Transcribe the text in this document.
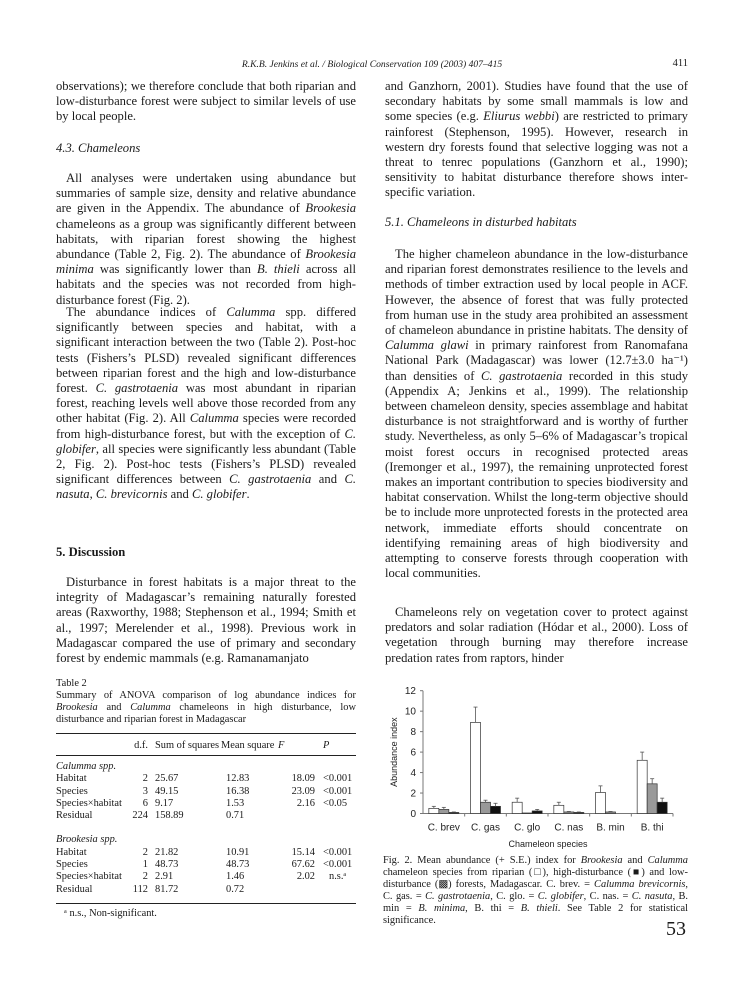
R.K.B. Jenkins et al. / Biological Conservation 109 (2003) 407–415	411

observations); we therefore conclude that both riparian and low-disturbance forest were subject to similar levels of use by local people.

4.3. Chameleons

All analyses were undertaken using abundance but summaries of sample size, density and relative abundance are given in the Appendix. The abundance of Brookesia chameleons as a group was significantly different between habitats, with riparian forest showing the highest abundance (Table 2, Fig. 2). The abundance of Brookesia minima was significantly lower than B. thieli across all habitats and the species was not recorded from high-disturbance forest (Fig. 2).

The abundance indices of Calumma spp. differed significantly between species and habitat, with a significant interaction between the two (Table 2). Post-hoc tests (Fishers’s PLSD) revealed significant differences between riparian forest and the high and low-disturbance forest. C. gastrotaenia was most abundant in riparian forest, reaching levels well above those recorded from any other habitat (Fig. 2). All Calumma species were recorded from high-disturbance forest, but with the exception of C. globifer, all species were significantly less abundant (Table 2, Fig. 2). Post-hoc tests (Fishers’s PLSD) revealed significant differences between C. gastrotaenia and C. nasuta, C. brevicornis and C. globifer.

5. Discussion

Disturbance in forest habitats is a major threat to the integrity of Madagascar’s remaining naturally forested areas (Raxworthy, 1988; Stephenson et al., 1994; Smith et al., 1997; Merelender et al., 1998). Previous work in Madagascar compared the use of primary and secondary forest by endemic mammals (e.g. Ramanamanjato

Table 2
Summary of ANOVA comparison of log abundance indices for Brookesia and Calumma chameleons in high disturbance, low disturbance and riparian forest in Madagascar
	d.f.	Sum of squares	Mean square	F	P

Calumma spp.					
Habitat	2	25.67	12.83	18.09	<0.001
Species	3	49.15	16.38	23.09	<0.001
Species×habitat	6	9.17	1.53	2.16	<0.05
Residual	224	158.89	0.71		

Brookesia spp.					
Habitat	2	21.82	10.91	15.14	<0.001
Species	1	48.73	48.73	67.62	<0.001
Species×habitat	2	2.91	1.46	2.02	n.s.ᵃ
Residual	112	81.72	0.72		
ᵃ n.s., Non-significant.

and Ganzhorn, 2001). Studies have found that the use of secondary habitats by some small mammals is low and some species (e.g. Eliurus webbi) are restricted to primary rainforest (Stephenson, 1995). However, research in western dry forests found that selective logging was not a threat to tenrec populations (Ganzhorn et al., 1990); sensitivity to habitat disturbance therefore shows inter-specific variation.

5.1. Chameleons in disturbed habitats

The higher chameleon abundance in the low-disturbance and riparian forest demonstrates resilience to the levels and methods of timber extraction used by local people in ACF. However, the absence of forest that was fully protected from human use in the study area prohibited an assessment of chameleon abundance in pristine habitats. The density of Calumma glawi in primary rainforest from Ranomafana National Park (Madagascar) was lower (12.7±3.0 ha⁻¹) than densities of C. gastrotaenia recorded in this study (Appendix A; Jenkins et al., 1999). The relationship between chameleon density, species assemblage and habitat disturbance is not straightforward and is worthy of further study. Nevertheless, as only 5–6% of Madagascar’s tropical moist forest occurs in recognised protected areas (Iremonger et al., 1997), the remaining unprotected forest makes an important contribution to species biodiversity and habitat conservation. Whilst the long-term objective should be to include more unprotected forests in the protected area network, immediate efforts should concentrate on identifying remaining areas of high biodiversity and attempting to conserve forests through cooperation with local communities.

Chameleons rely on vegetation cover to protect against predators and solar radiation (Hódar et al., 2000). Loss of vegetation through burning may therefore increase predation rates from raptors, hinder

0
2
4
6
8
10
12
C. brev C. gas C. glo C. nas B. min B. thi
Chameleon species
Abundance index
Fig. 2. Mean abundance (+ S.E.) index for Brookesia and Calumma chameleon species from riparian (□), high-disturbance (■) and low-disturbance (▩) forests, Madagascar. C. brev. = Calumma brevicornis, C. gas. = C. gastrotaenia, C. glo. = C. globifer, C. nas. = C. nasuta, B. min = B. minima, B. thi = B. thieli. See Table 2 for statistical significance.	53
